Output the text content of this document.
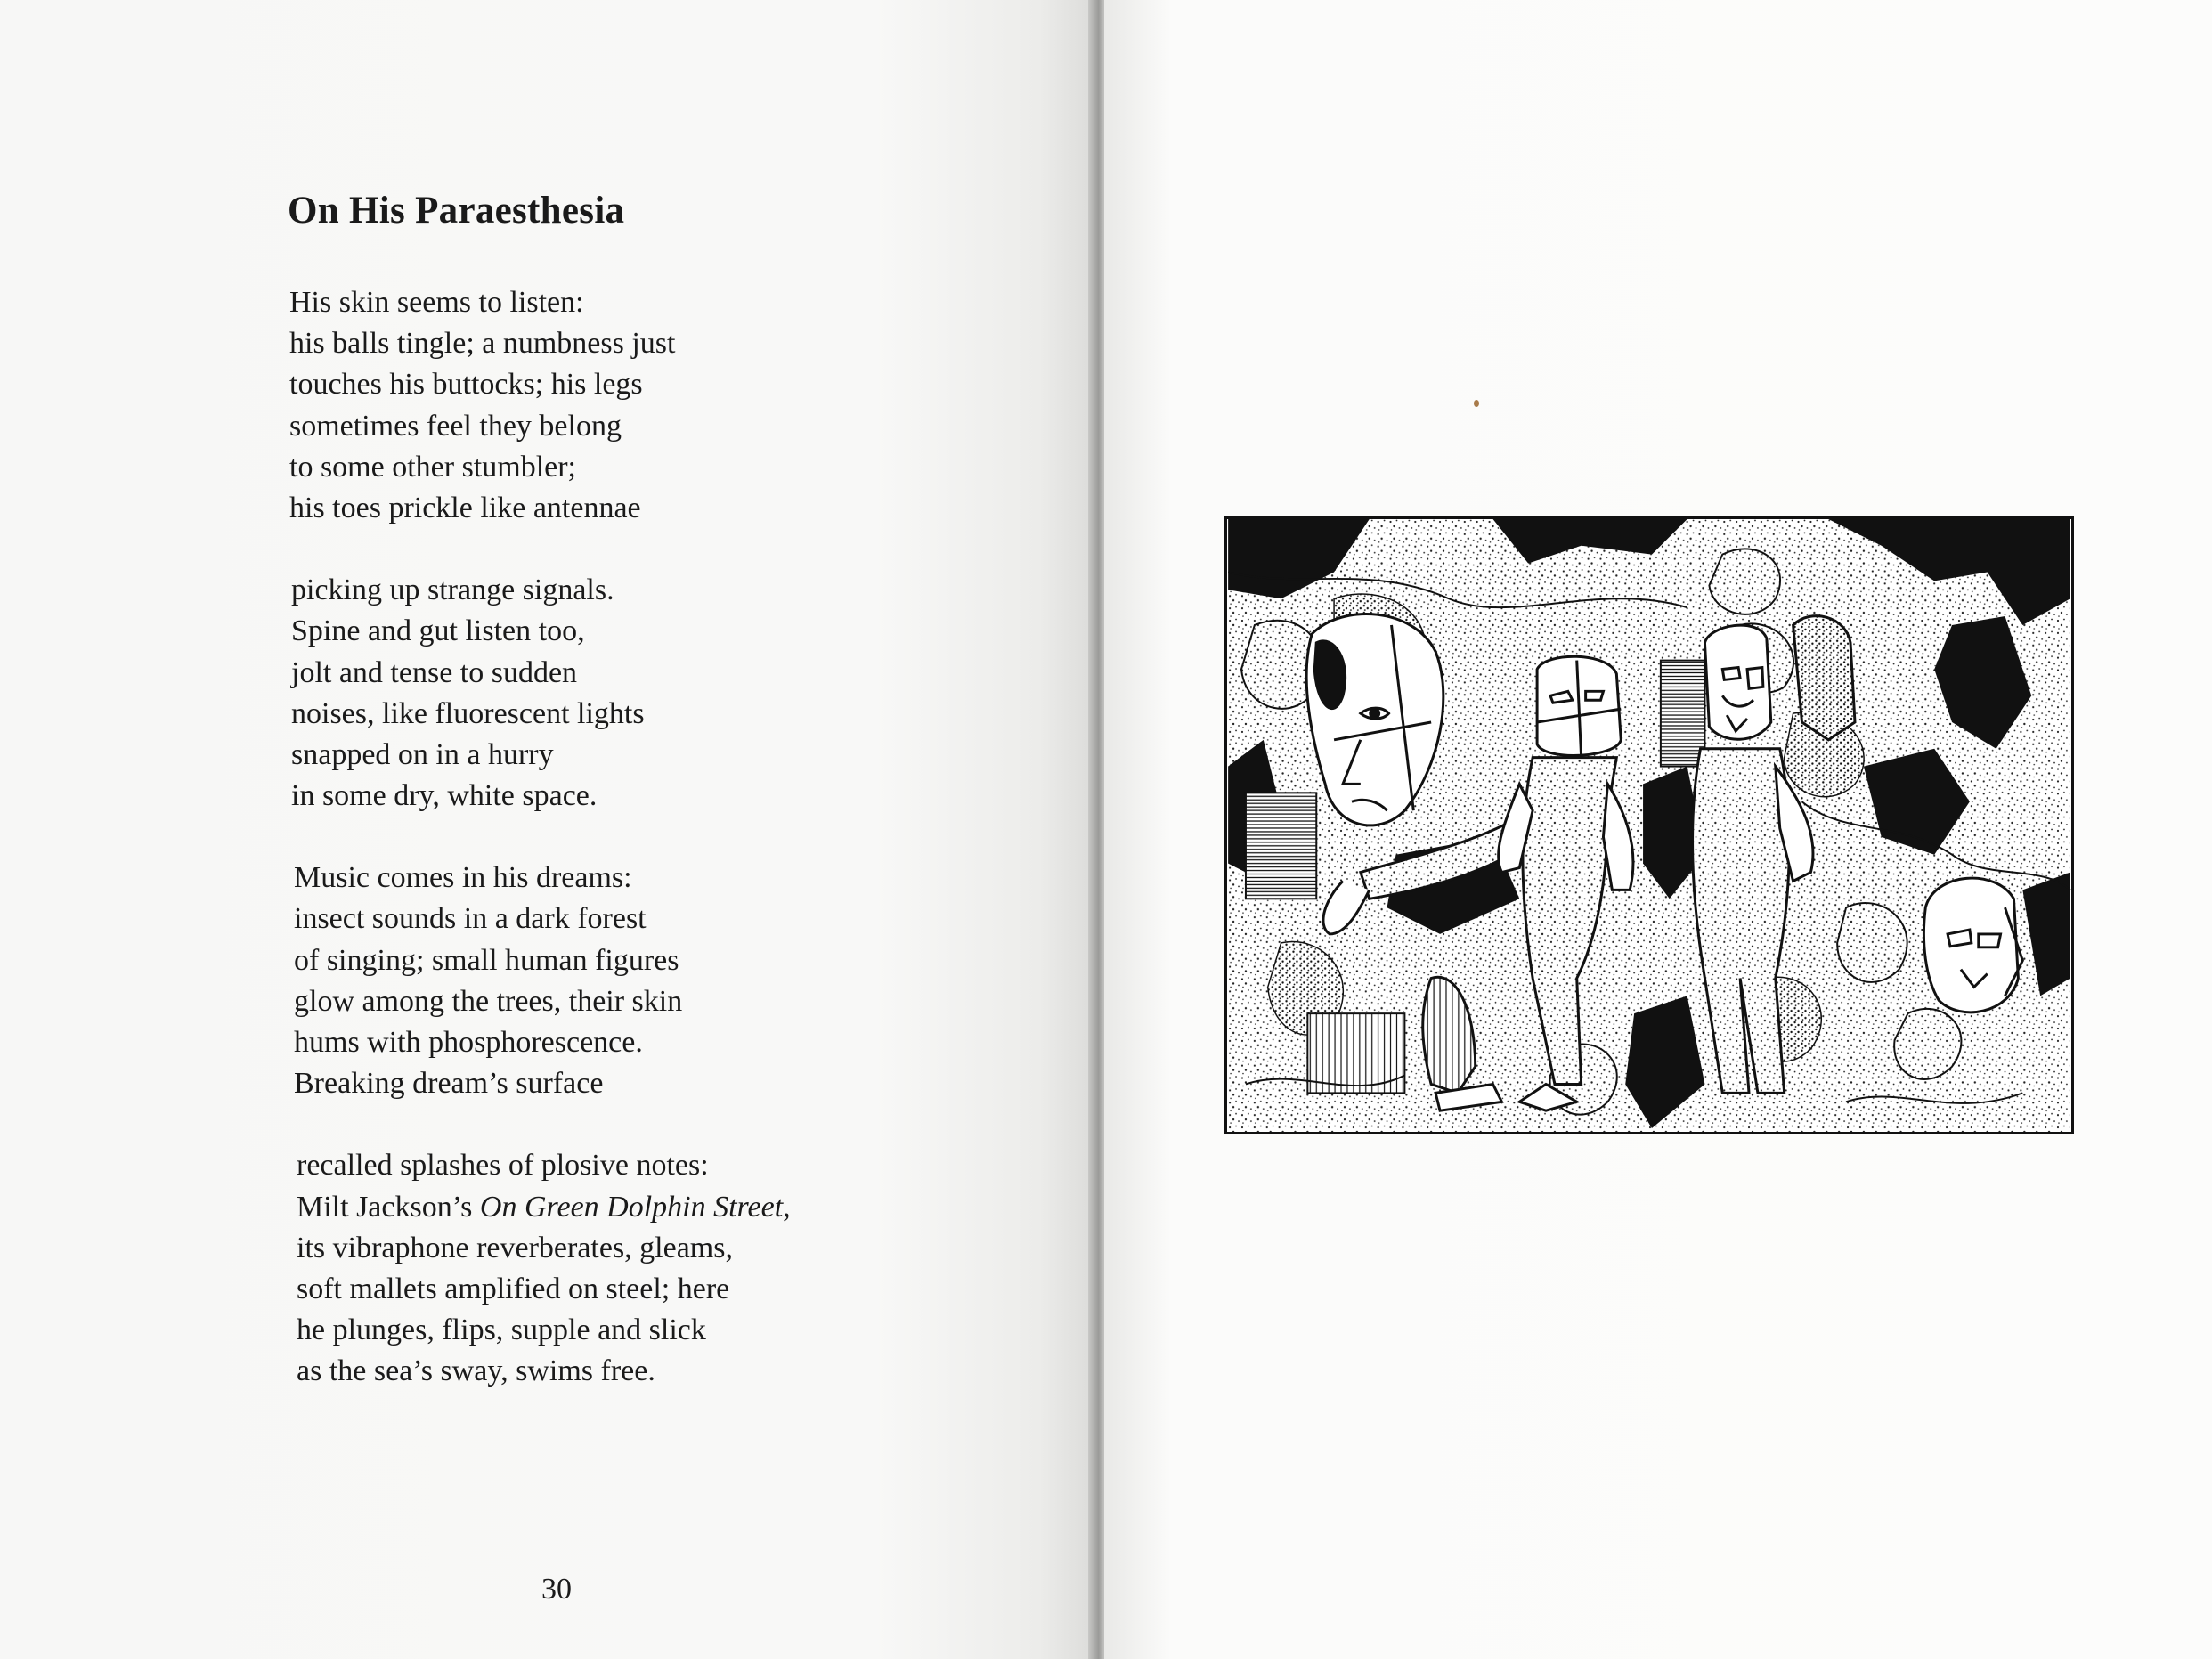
On His Paraesthesia
His skin seems to listen:
his balls tingle; a numbness just
touches his buttocks; his legs
sometimes feel they belong
to some other stumbler;
his toes prickle like antennae
picking up strange signals.
Spine and gut listen too,
jolt and tense to sudden
noises, like fluorescent lights
snapped on in a hurry
in some dry, white space.
Music comes in his dreams:
insect sounds in a dark forest
of singing; small human figures
glow among the trees, their skin
hums with phosphorescence.
Breaking dream’s surface
recalled splashes of plosive notes:
Milt Jackson’s On Green Dolphin Street,
its vibraphone reverberates, gleams,
soft mallets amplified on steel; here
he plunges, flips, supple and slick
as the sea’s sway, swims free.
30
